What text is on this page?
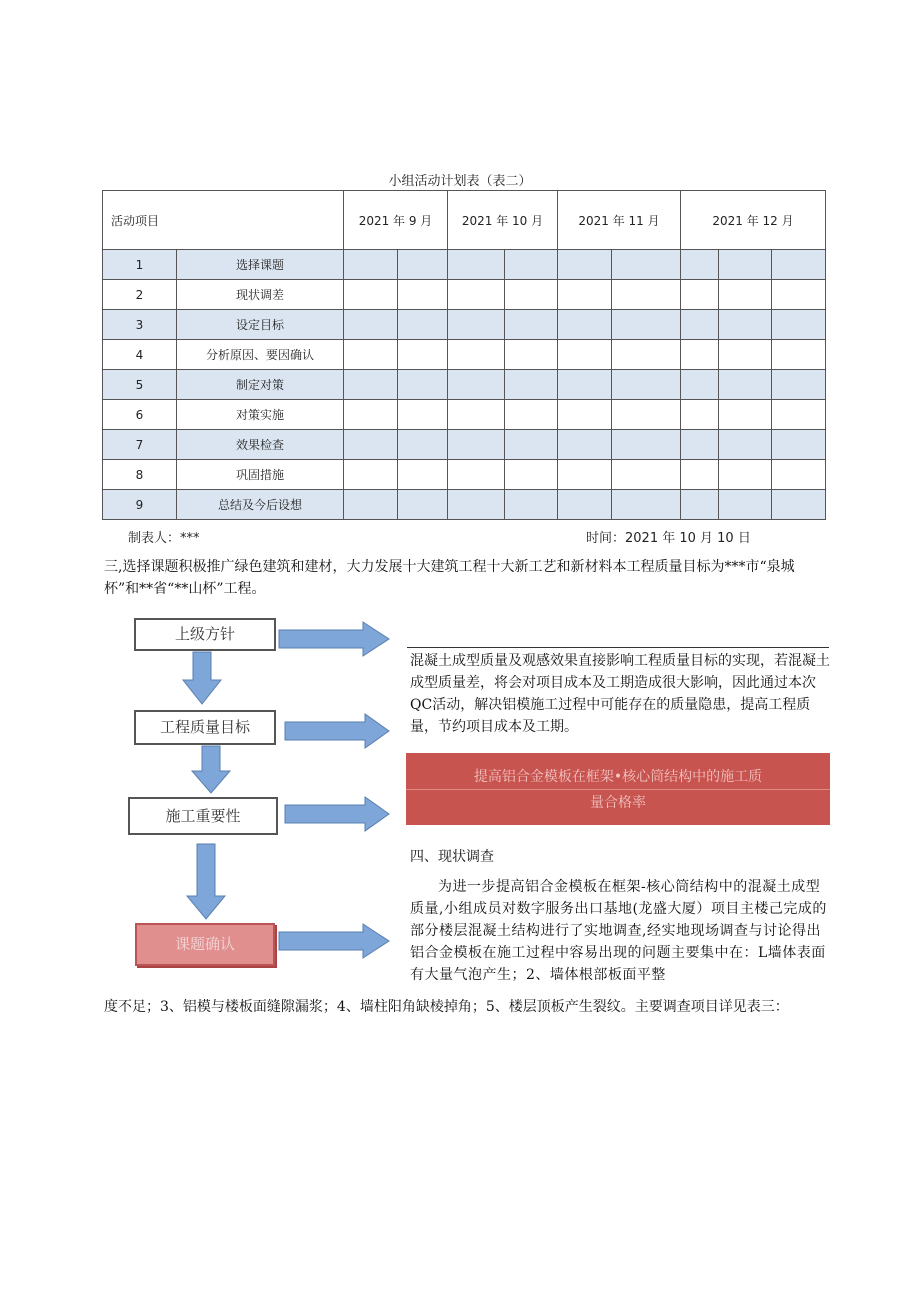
小组活动计划表（表二）
活动项目		2021 年 9 月		2021 年 10 月		2021 年 11 月		2021 年 12 月		
1	选择课题									
2	现状调差									
3	设定目标									
4	分析原因、要因确认									
5	制定对策									
6	对策实施									
7	效果检查									
8	巩固措施									
9	总结及今后设想									
制表人：***	时间：2021 年 10 月 10 日
三,选择课题积极推广绿色建筑和建材，大力发展十大建筑工程十大新工艺和新材料本工程质量目标为***市“泉城杯”和**省“**山杯”工程。
上级方针
工程质量目标
施工重要性
课题确认
混凝土成型质量及观感效果直接影响工程质量目标的实现，若混凝土成型质量差，将会对项目成本及工期造成很大影响，因此通过本次QC活动，解决铝模施工过程中可能存在的质量隐患，提高工程质量，节约项目成本及工期。
提高铝合金模板在框架•核心筒结构中的施工质
量合格率
四、现状调查
为进一步提高铝合金模板在框架-核心筒结构中的混凝土成型质量,小组成员对数字服务出口基地(龙盛大厦）项目主楼己完成的部分楼层混凝土结构进行了实地调查,经实地现场调查与讨论得出铝合金模板在施工过程中容易出现的问题主要集中在：L墙体表面有大量气泡产生；2、墙体根部板面平整
度不足；3、铝模与楼板面缝隙漏浆；4、墙柱阳角缺棱掉角；5、楼层顶板产生裂纹。主要调查项目详见表三：
